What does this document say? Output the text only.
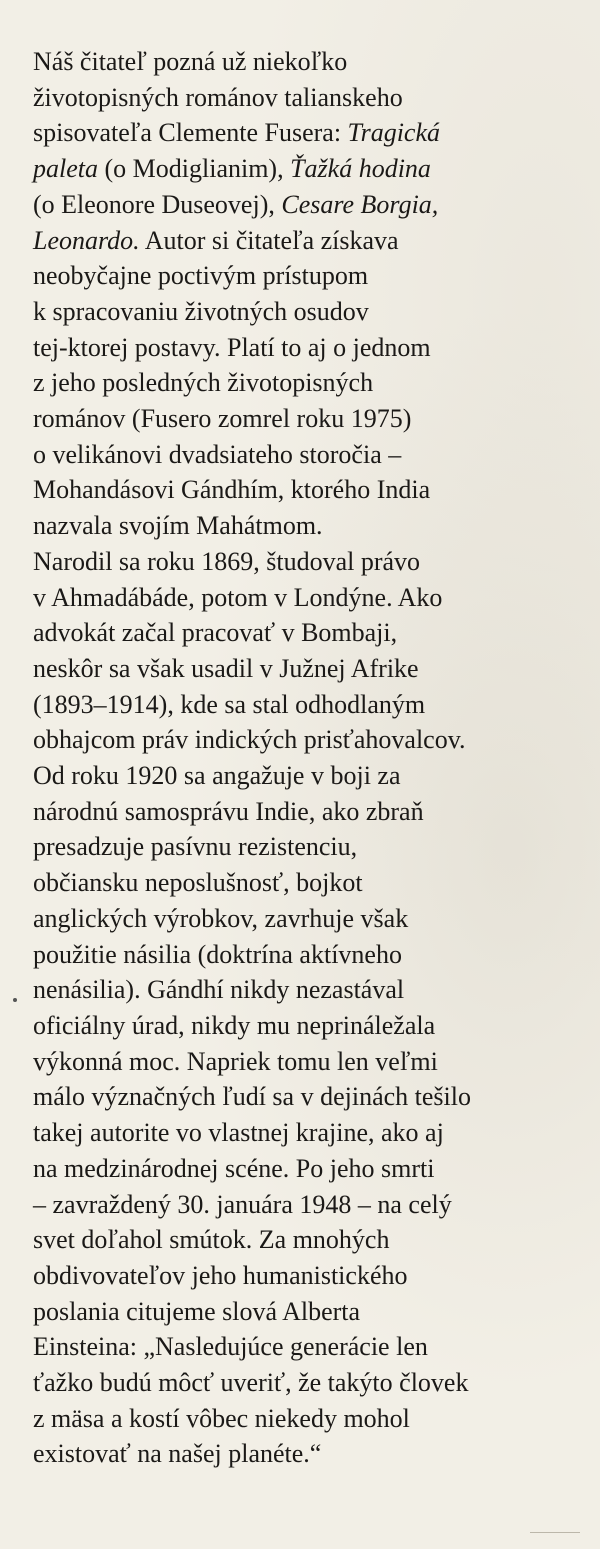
Náš čitateľ pozná už niekoľko
životopisných románov talianskeho
spisovateľa Clemente Fusera: Tragická
paleta (o Modiglianim), Ťažká hodina
(o Eleonore Duseovej), Cesare Borgia,
Leonardo. Autor si čitateľa získava
neobyčajne poctivým prístupom
k spracovaniu životných osudov
tej-ktorej postavy. Platí to aj o jednom
z jeho posledných životopisných
románov (Fusero zomrel roku 1975)
o velikánovi dvadsiateho storočia –
Mohandásovi Gándhím, ktorého India
nazvala svojím Mahátmom.
Narodil sa roku 1869, študoval právo
v Ahmadábáde, potom v Londýne. Ako
advokát začal pracovať v Bombaji,
neskôr sa však usadil v Južnej Afrike
(1893–1914), kde sa stal odhodlaným
obhajcom práv indických prisťahovalcov.
Od roku 1920 sa angažuje v boji za
národnú samosprávu Indie, ako zbraň
presadzuje pasívnu rezistenciu,
občiansku neposlušnosť, bojkot
anglických výrobkov, zavrhuje však
použitie násilia (doktrína aktívneho
nenásilia). Gándhí nikdy nezastával
oficiálny úrad, nikdy mu neprináležala
výkonná moc. Napriek tomu len veľmi
málo význačných ľudí sa v dejinách tešilo
takej autorite vo vlastnej krajine, ako aj
na medzinárodnej scéne. Po jeho smrti
– zavraždený 30. januára 1948 – na celý
svet doľahol smútok. Za mnohých
obdivovateľov jeho humanistického
poslania citujeme slová Alberta
Einsteina: „Nasledujúce generácie len
ťažko budú môcť uveriť, že takýto človek
z mäsa a kostí vôbec niekedy mohol
existovať na našej planéte.“
